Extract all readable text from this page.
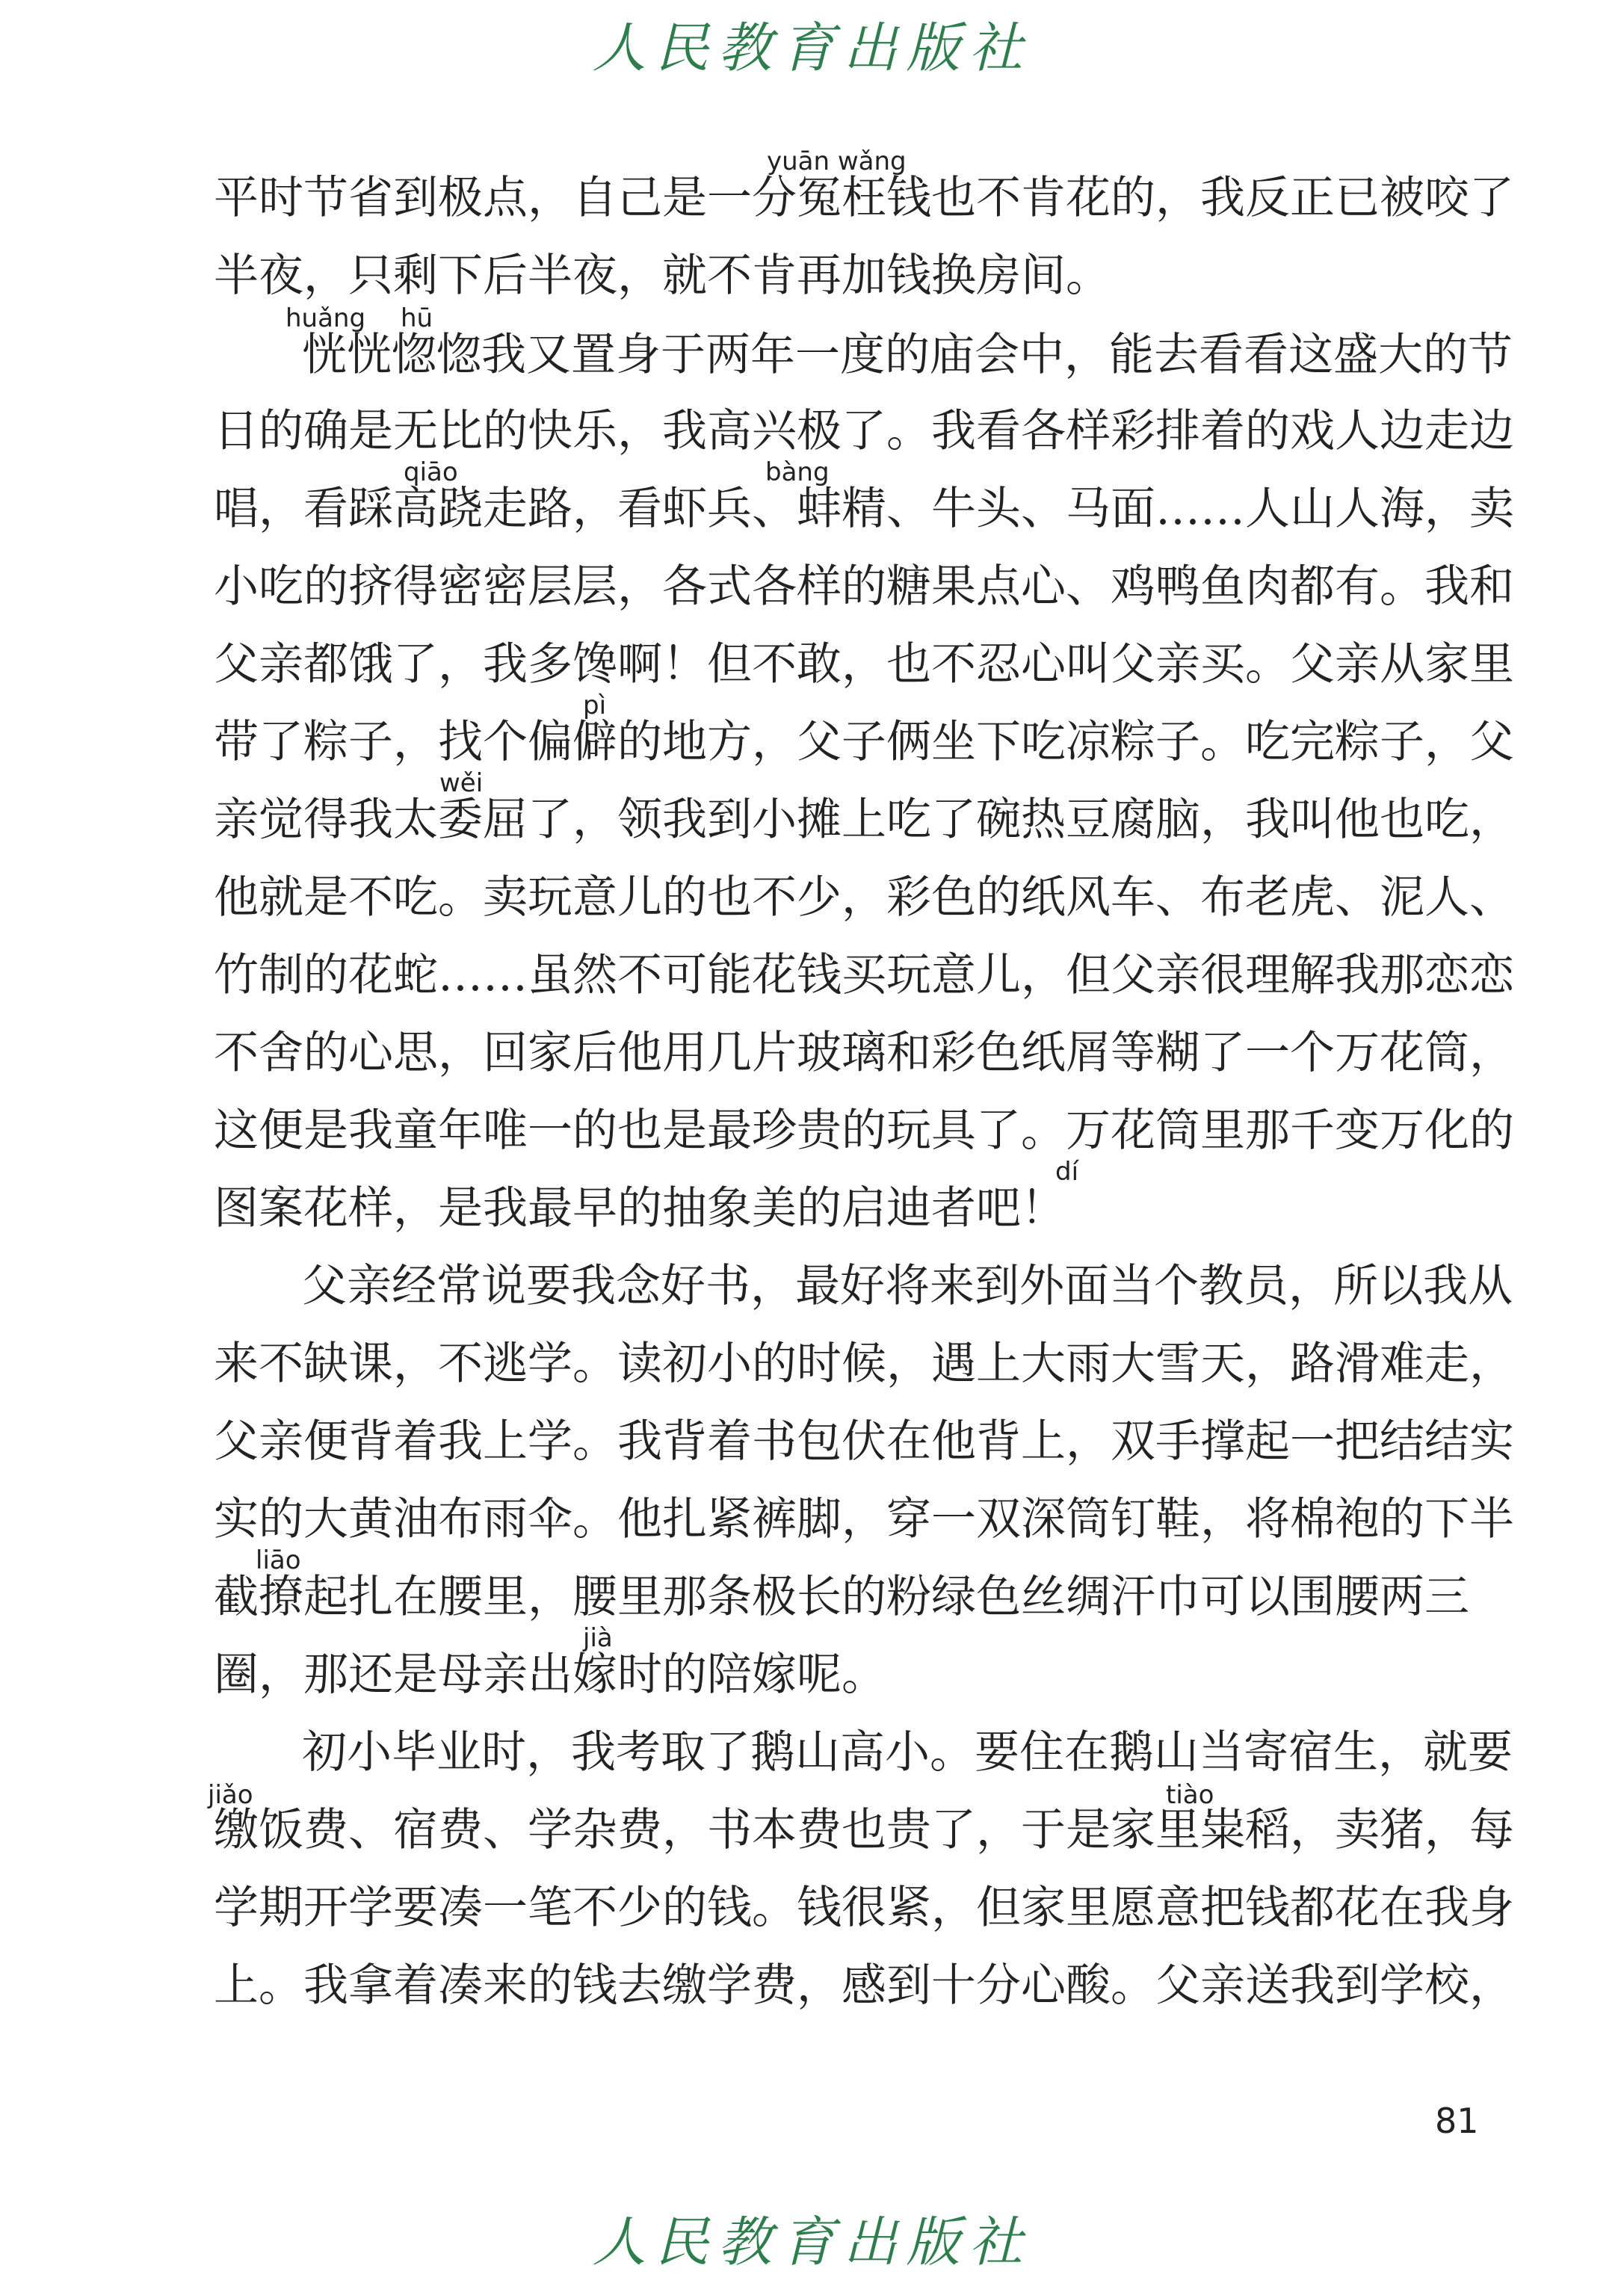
人民教育出版社
yuān wǎng
huǎng hū
qiāo	bàng
pì
wěi
dí
liāo
jià
jiǎo	tiào
平时节省到极点，自己是一分冤枉钱也不肯花的，我反正已被咬了
半夜，只剩下后半夜，就不肯再加钱换房间。
恍恍惚惚我又置身于两年一度的庙会中，能去看看这盛大的节
日的确是无比的快乐，我高兴极了。我看各样彩排着的戏人边走边
唱，看踩高跷走路，看虾兵、蚌精、牛头、马面……人山人海，卖
小吃的挤得密密层层，各式各样的糖果点心、鸡鸭鱼肉都有。我和
父亲都饿了，我多馋啊！但不敢，也不忍心叫父亲买。父亲从家里
带了粽子，找个偏僻的地方，父子俩坐下吃凉粽子。吃完粽子，父
亲觉得我太委屈了，领我到小摊上吃了碗热豆腐脑，我叫他也吃，
他就是不吃。卖玩意儿的也不少，彩色的纸风车、布老虎、泥人、
竹制的花蛇……虽然不可能花钱买玩意儿，但父亲很理解我那恋恋
不舍的心思，回家后他用几片玻璃和彩色纸屑等糊了一个万花筒，
这便是我童年唯一的也是最珍贵的玩具了。万花筒里那千变万化的
图案花样，是我最早的抽象美的启迪者吧！
父亲经常说要我念好书，最好将来到外面当个教员，所以我从
来不缺课，不逃学。读初小的时候，遇上大雨大雪天，路滑难走，
父亲便背着我上学。我背着书包伏在他背上，双手撑起一把结结实
实的大黄油布雨伞。他扎紧裤脚，穿一双深筒钉鞋，将棉袍的下半
截撩起扎在腰里，腰里那条极长的粉绿色丝绸汗巾可以围腰两三
圈，那还是母亲出嫁时的陪嫁呢。
初小毕业时，我考取了鹅山高小。要住在鹅山当寄宿生，就要
缴饭费、宿费、学杂费，书本费也贵了，于是家里粜稻，卖猪，每
学期开学要凑一笔不少的钱。钱很紧，但家里愿意把钱都花在我身
上。我拿着凑来的钱去缴学费，感到十分心酸。父亲送我到学校，
81
人民教育出版社
